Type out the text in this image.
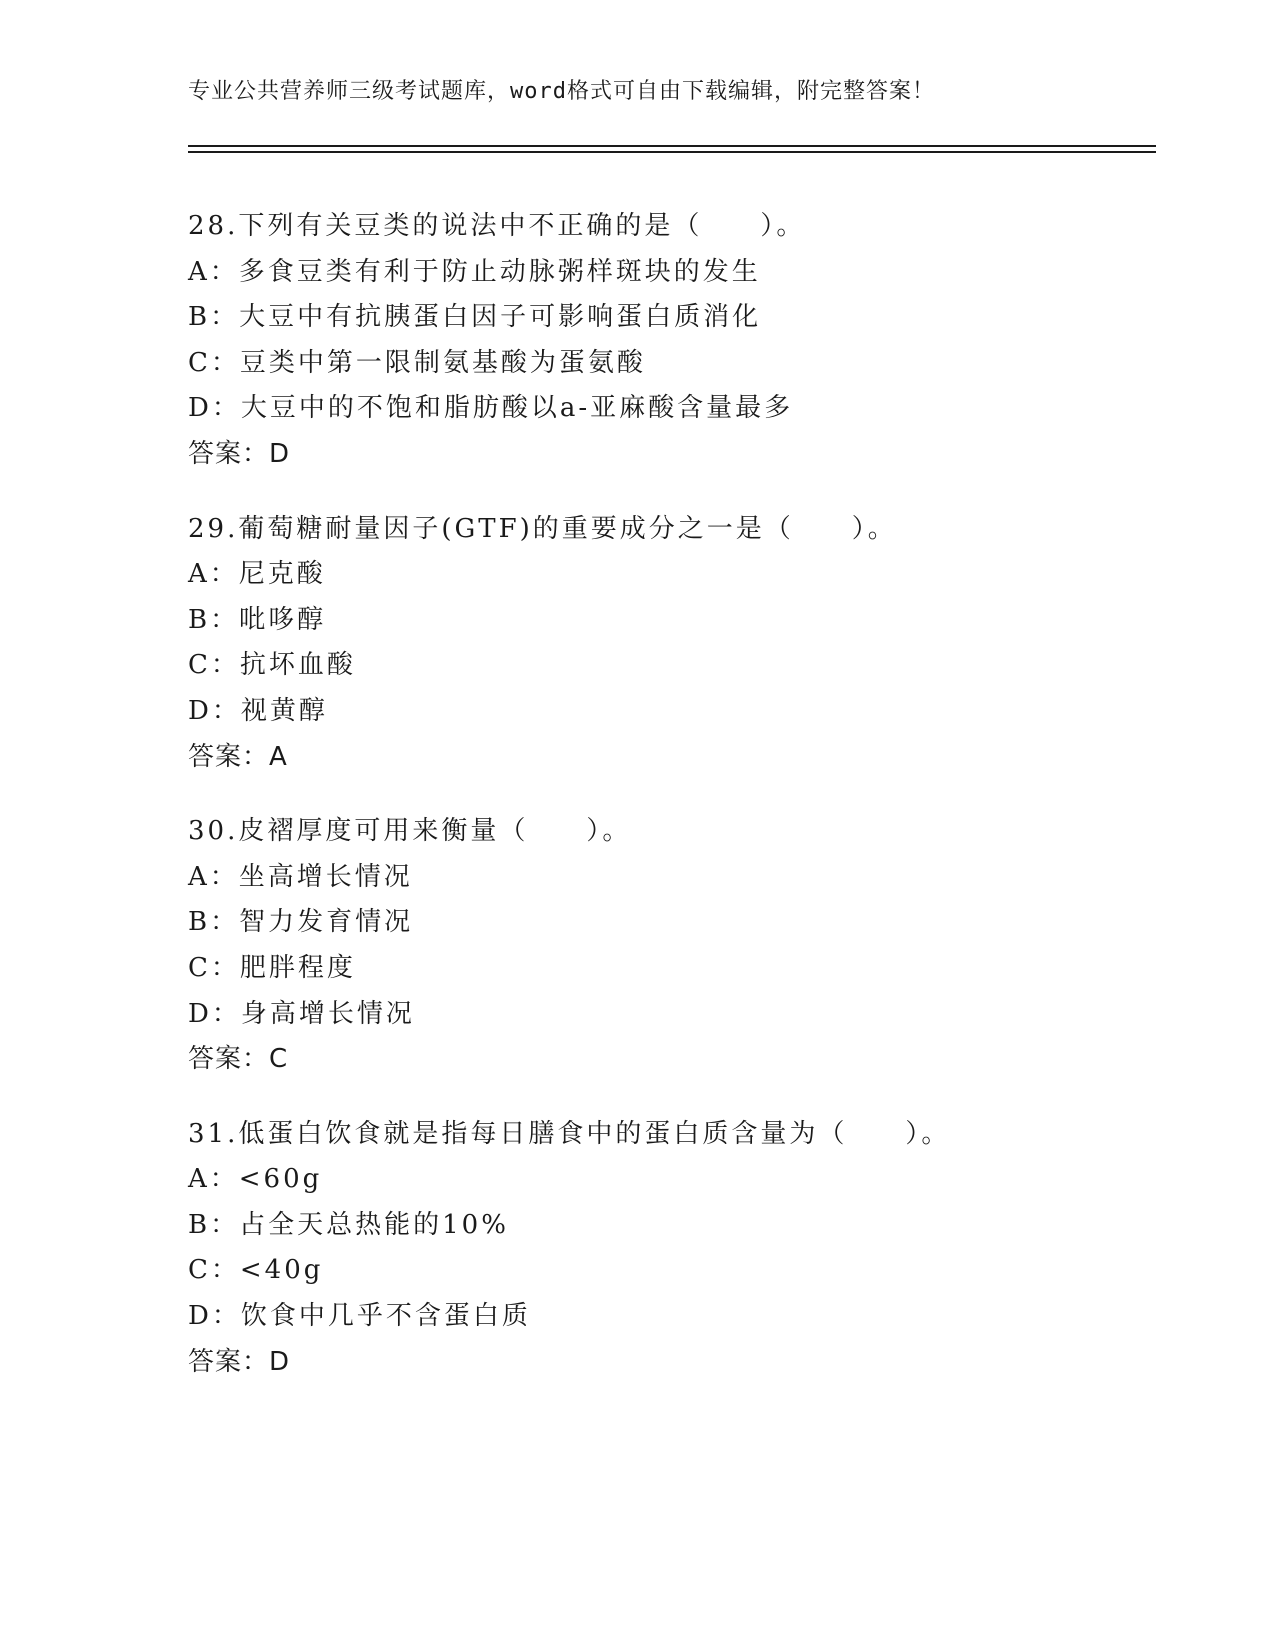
专业公共营养师三级考试题库，word格式可自由下载编辑，附完整答案！
28.下列有关豆类的说法中不正确的是（　　）。
A：多食豆类有利于防止动脉粥样斑块的发生
B：大豆中有抗胰蛋白因子可影响蛋白质消化
C：豆类中第一限制氨基酸为蛋氨酸
D：大豆中的不饱和脂肪酸以a-亚麻酸含量最多
答案：D
29.葡萄糖耐量因子(GTF)的重要成分之一是（　　）。
A：尼克酸
B：吡哆醇
C：抗坏血酸
D：视黄醇
答案：A
30.皮褶厚度可用来衡量（　　）。
A：坐高增长情况
B：智力发育情况
C：肥胖程度
D：身高增长情况
答案：C
31.低蛋白饮食就是指每日膳食中的蛋白质含量为（　　）。
A：<60g
B：占全天总热能的10%
C：<40g
D：饮食中几乎不含蛋白质
答案：D
